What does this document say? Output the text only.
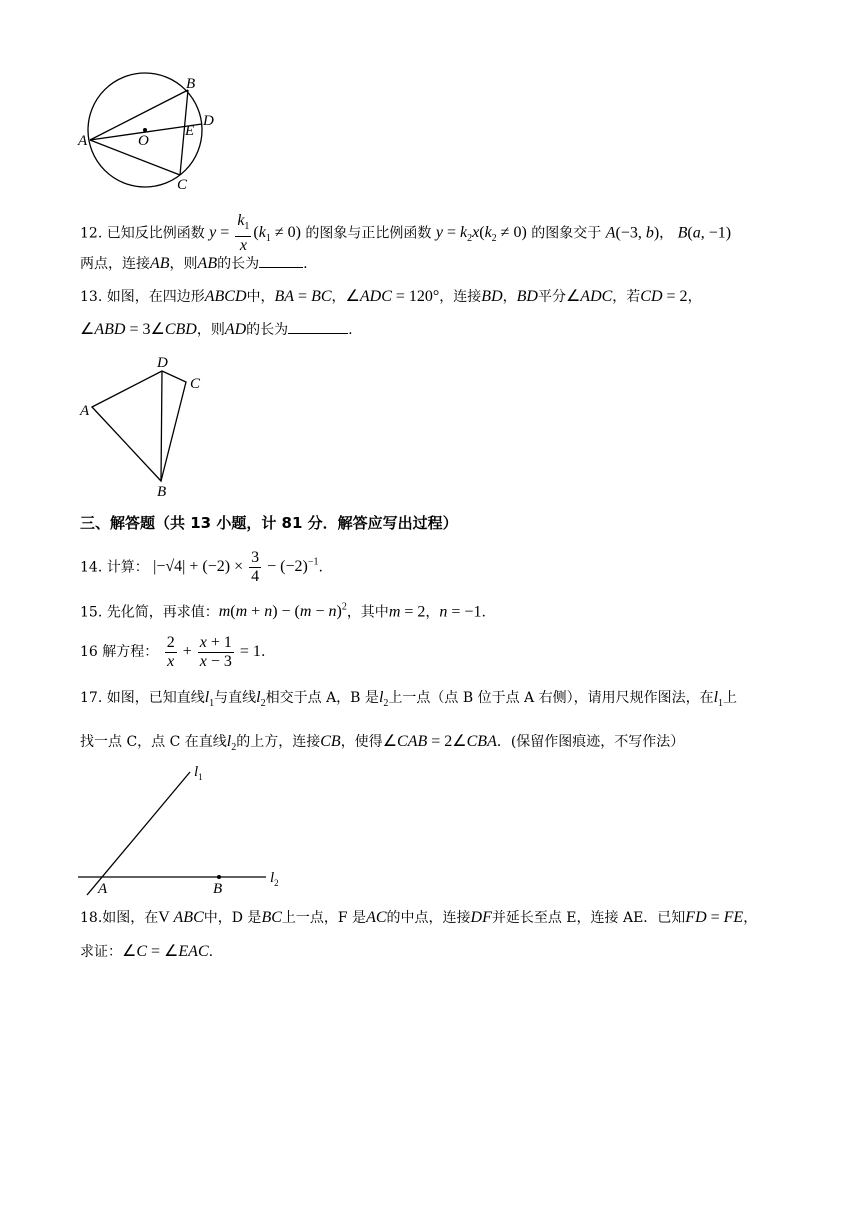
A
B
C
D
E
O
12. 已知反比例函数 $y = \frac{k_1}{x} (k_1 \ne 0)$ 的图象与正比例函数 $y = k_2x(k_2 \ne 0)$ 的图象交于 A(−3, b)， B(a, −1)
两点，连接AB，则AB的长为	.
13. 如图，在四边形ABCD中，BA = BC，∠ADC = 120°，连接BD，BD平分∠ADC，若CD = 2，
∠ABD = 3∠CBD，则AD的长为	.
A
D
C
B
三、解答题（共 13 小题，计 81 分．解答应写出过程）
14. 计算： $|-√4| + (-2) \times \frac{3}{4} - (-2)^{-1}$.
15. 先化简，再求值：$m(m + n) - (m - n)^2$，其中m = 2，n = −1.
16 解方程： $\frac{2}{x} + \frac{x + 1}{x - 3} = 1$.
17. 如图，已知直线$l_1$与直线$l_2$相交于点 A，B 是$l_2$上一点（点 B 位于点 A 右侧），请用尺规作图法，在$l_1$上
找一点 C，点 C 在直线$l_2$的上方，连接CB，使得∠CAB = 2∠CBA．(保留作图痕迹，不写作法）
$l_1$
$l_2$
A	B
18.如图，在V ABC中，D 是BC上一点，F 是AC的中点，连接DF并延长至点 E，连接 AE．已知FD = FE，
求证：∠C = ∠EAC.
